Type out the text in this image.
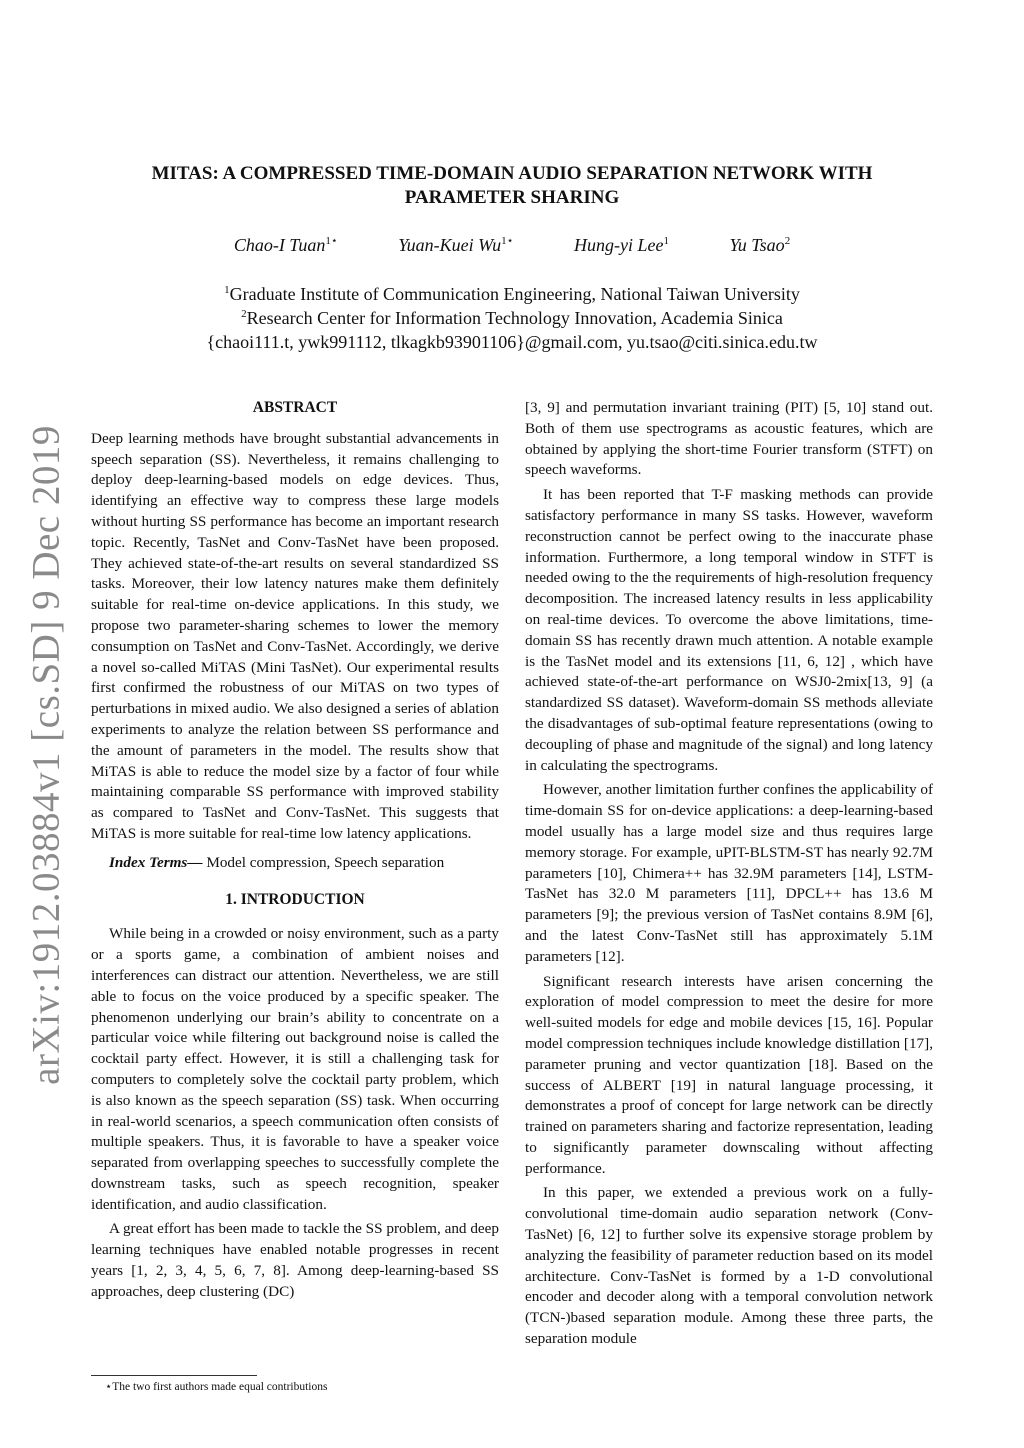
arXiv:1912.03884v1 [cs.SD] 9 Dec 2019
MITAS: A COMPRESSED TIME-DOMAIN AUDIO SEPARATION NETWORK WITH
PARAMETER SHARING
Chao-I Tuan$^{1⋆}$	Yuan-Kuei $Wu^{1⋆}$	Hung-yi Lee$^1$	Yu Tsao$^2$
$^1$Graduate Institute of Communication Engineering, National Taiwan University
$^2$Research Center for Information Technology Innovation, Academia Sinica
{chaoi111.t, ywk991112, tlkagkb93901106}@gmail.com, yu.tsao@citi.sinica.edu.tw
ABSTRACT

Deep learning methods have brought substantial advancements in speech separation (SS). Nevertheless, it remains challenging to deploy deep-learning-based models on edge devices. Thus, identifying an effective way to compress these large models without hurting SS performance has become an important research topic. Recently, TasNet and Conv-TasNet have been proposed. They achieved state-of-the-art results on several standardized SS tasks. Moreover, their low latency natures make them definitely suitable for real-time on-device applications. In this study, we propose two parameter-sharing schemes to lower the memory consumption on TasNet and Conv-TasNet. Accordingly, we derive a novel so-called MiTAS (Mini TasNet). Our experimental results first confirmed the robustness of our MiTAS on two types of perturbations in mixed audio. We also designed a series of ablation experiments to analyze the relation between SS performance and the amount of parameters in the model. The results show that MiTAS is able to reduce the model size by a factor of four while maintaining comparable SS performance with improved stability as compared to TasNet and Conv-TasNet. This suggests that MiTAS is more suitable for real-time low latency applications.

Index Terms— Model compression, Speech separation

1. INTRODUCTION

While being in a crowded or noisy environment, such as a party or a sports game, a combination of ambient noises and interferences can distract our attention. Nevertheless, we are still able to focus on the voice produced by a specific speaker. The phenomenon underlying our brain’s ability to concentrate on a particular voice while filtering out background noise is called the cocktail party effect. However, it is still a challenging task for computers to completely solve the cocktail party problem, which is also known as the speech separation (SS) task. When occurring in real-world scenarios, a speech communication often consists of multiple speakers. Thus, it is favorable to have a speaker voice separated from overlapping speeches to successfully complete the downstream tasks, such as speech recognition, speaker identification, and audio classification.

A great effort has been made to tackle the SS problem, and deep learning techniques have enabled notable progresses in recent years [1, 2, 3, 4, 5, 6, 7, 8]. Among deep-learning-based SS approaches, deep clustering (DC)

[3, 9] and permutation invariant training (PIT) [5, 10] stand out. Both of them use spectrograms as acoustic features, which are obtained by applying the short-time Fourier transform (STFT) on speech waveforms.

It has been reported that T-F masking methods can provide satisfactory performance in many SS tasks. However, waveform reconstruction cannot be perfect owing to the inaccurate phase information. Furthermore, a long temporal window in STFT is needed owing to the the requirements of high-resolution frequency decomposition. The increased latency results in less applicability on real-time devices. To overcome the above limitations, time-domain SS has recently drawn much attention. A notable example is the TasNet model and its extensions [11, 6, 12] , which have achieved state-of-the-art performance on WSJ0-2mix[13, 9] (a standardized SS dataset). Waveform-domain SS methods alleviate the disadvantages of sub-optimal feature representations (owing to decoupling of phase and magnitude of the signal) and long latency in calculating the spectrograms.

However, another limitation further confines the applicability of time-domain SS for on-device applications: a deep-learning-based model usually has a large model size and thus requires large memory storage. For example, uPIT-BLSTM-ST has nearly 92.7M parameters [10], Chimera++ has 32.9M parameters [14], LSTM-TasNet has 32.0 M parameters [11], DPCL++ has 13.6 M parameters [9]; the previous version of TasNet contains 8.9M [6], and the latest Conv-TasNet still has approximately 5.1M parameters [12].

Significant research interests have arisen concerning the exploration of model compression to meet the desire for more well-suited models for edge and mobile devices [15, 16]. Popular model compression techniques include knowledge distillation [17], parameter pruning and vector quantization [18]. Based on the success of ALBERT [19] in natural language processing, it demonstrates a proof of concept for large network can be directly trained on parameters sharing and factorize representation, leading to significantly parameter downscaling without affecting performance.

In this paper, we extended a previous work on a fully-convolutional time-domain audio separation network (Conv-TasNet) [6, 12] to further solve its expensive storage problem by analyzing the feasibility of parameter reduction based on its model architecture. Conv-TasNet is formed by a 1-D convolutional encoder and decoder along with a temporal convolution network (TCN-)based separation module. Among these three parts, the separation module

⋆The two first authors made equal contributions
